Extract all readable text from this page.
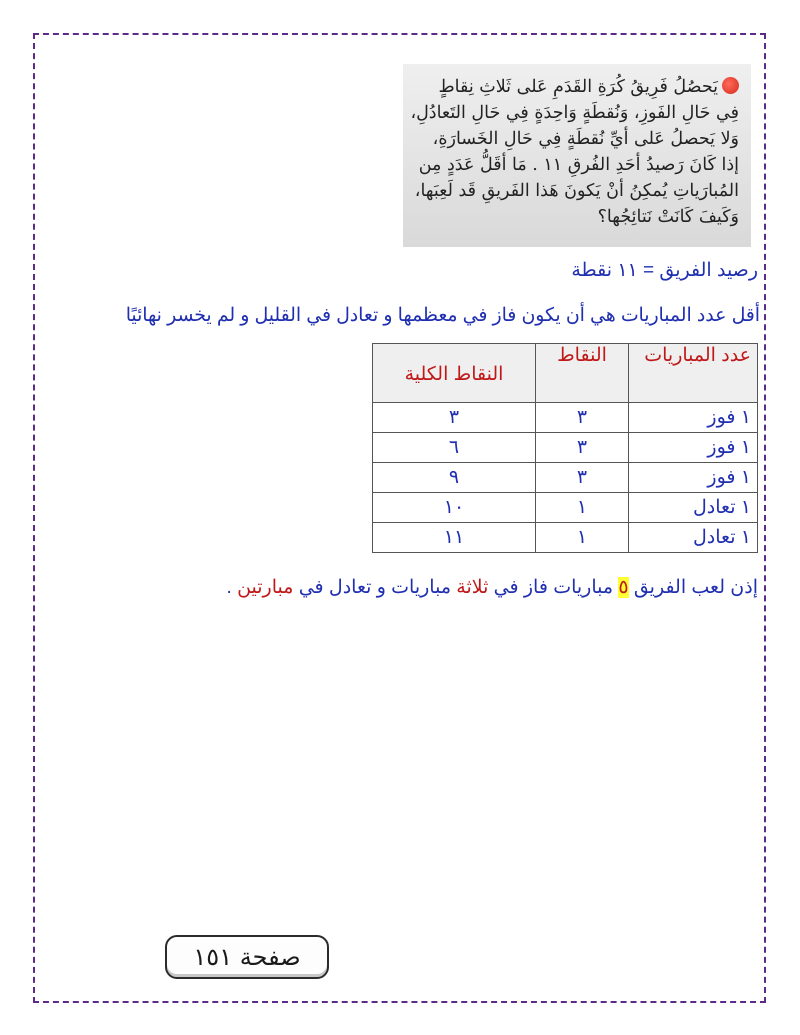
يَحصُلُ فَرِيقُ كُرَةِ القَدَمِ عَلى ثَلاثِ نِقاطٍ

فِي حَالِ الفَوزِ، وَنُقطَةٍ وَاحِدَةٍ فِي حَالِ التَعادُلِ،

وَلا يَحصلُ عَلى أيِّ نُقطَةٍ فِي حَالِ الخَسارَةِ،

إذا كَانَ رَصيدُ أحَدِ الفُرقِ ١١ . مَا أقَلُّ عَدَدٍ مِن

المُبارَياتِ يُمكِنُ أنْ يَكونَ هَذا الفَريقِ قَد لَعِبَها،

وَكَيفَ كَانَتْ نَتائِجُها؟

رصيد الفريق = ١١ نقطة
أقل عدد المباريات هي أن يكون فاز في معظمها و تعادل في القليل و لم يخسر نهائيًا
عدد المباريات	النقاط	النقاط الكلية
١ فوز	٣	٣
١ فوز	٣	٦
١ فوز	٣	٩
١ تعادل	١	١٠
١ تعادل	١	١١
إذن لعب الفريق ٥ مباريات فاز في ثلاثة مباريات و تعادل في مبارتين .
صفحة ١٥١
